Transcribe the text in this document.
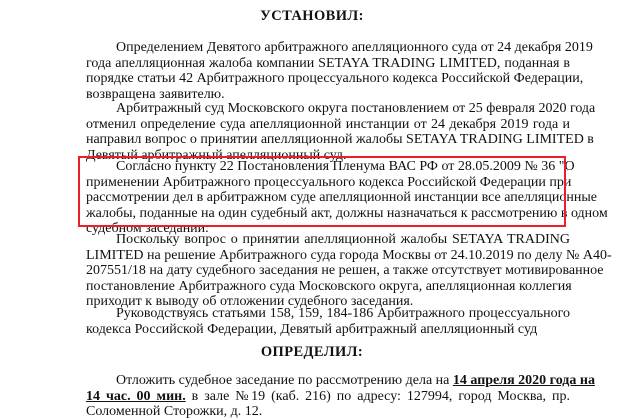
УСТАНОВИЛ:
Определением Девятого арбитражного апелляционного суда от 24 декабря 2019
года апелляционная жалоба компании SETAYA TRADING LIMITED, поданная в
порядке статьи 42 Арбитражного процессуального кодекса Российской Федерации,
возвращена заявителю.
Арбитражный суд Московского округа постановлением от 25 февраля 2020 года
отменил определение суда апелляционной инстанции от 24 декабря 2019 года и
направил вопрос о принятии апелляционной жалобы SETAYA TRADING LIMITED в
Девятый арбитражный апелляционный суд.
Согласно пункту 22 Постановления Пленума ВАС РФ от 28.05.2009 № 36 "О
применении Арбитражного процессуального кодекса Российской Федерации при
рассмотрении дел в арбитражном суде апелляционной инстанции все апелляционные
жалобы, поданные на один судебный акт, должны назначаться к рассмотрению в одном
судебном заседании.
Поскольку вопрос о принятии апелляционной жалобы SETAYA TRADING
LIMITED на решение Арбитражного суда города Москвы от 24.10.2019 по делу № А40-
207551/18 на дату судебного заседания не решен, а также отсутствует мотивированное
постановление Арбитражного суда Московского округа, апелляционная коллегия
приходит к выводу об отложении судебного заседания.
Руководствуясь статьями 158, 159, 184-186 Арбитражного процессуального
кодекса Российской Федерации, Девятый арбитражный апелляционный суд
ОПРЕДЕЛИЛ:
Отложить судебное заседание по рассмотрению дела на 14 апреля 2020 года на
14 час. 00 мин. в зале №19 (каб. 216) по адресу: 127994, город Москва, пр.
Соломенной Сторожки, д. 12.
